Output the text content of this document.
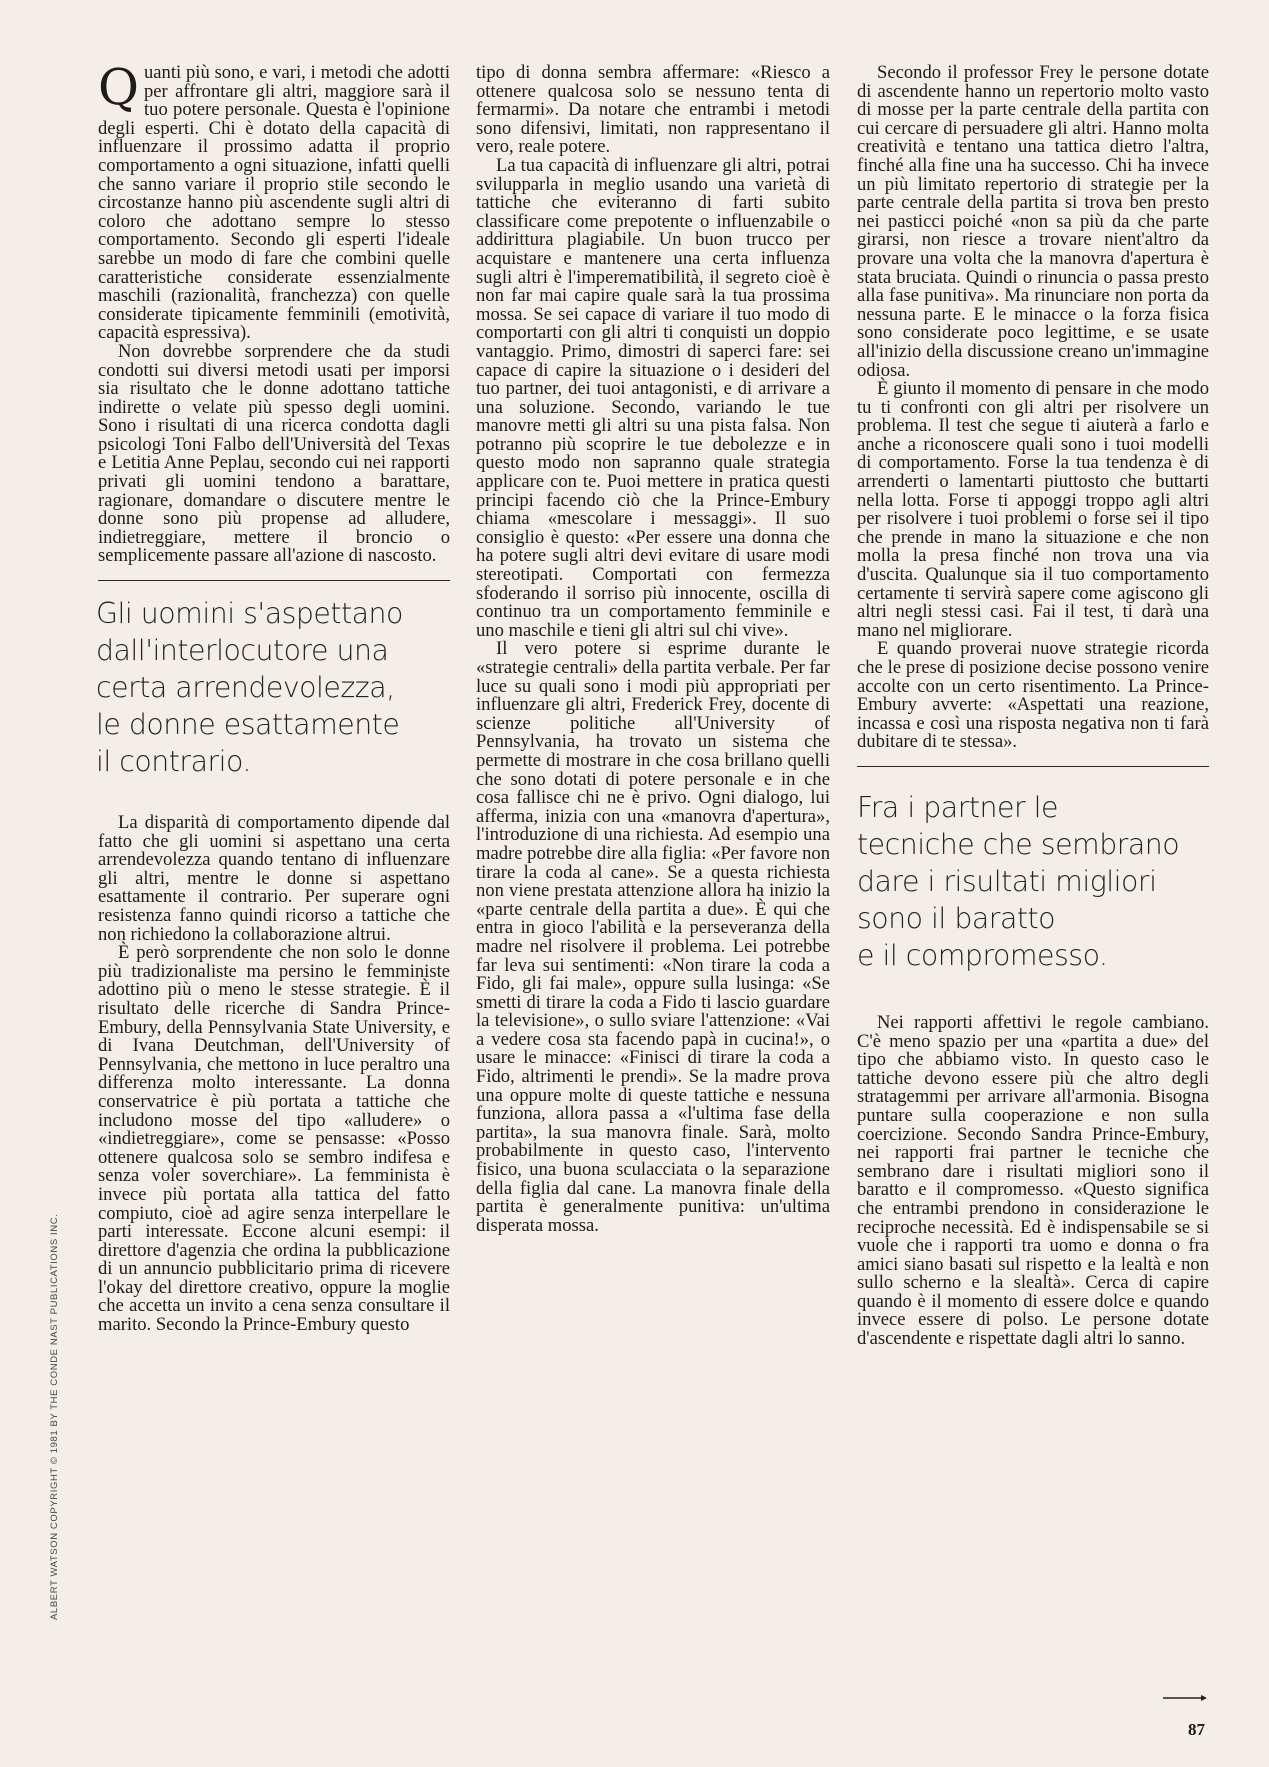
Quanti più sono, e vari, i metodi che adotti per affrontare gli altri, maggiore sarà il tuo potere personale. Questa è l'opinione degli esperti. Chi è dotato della capacità di influenzare il prossimo adatta il proprio comportamento a ogni situazione, infatti quelli che sanno variare il proprio stile secondo le circostanze hanno più ascendente sugli altri di coloro che adottano sempre lo stesso comportamento. Secondo gli esperti l'ideale sarebbe un modo di fare che combini quelle caratteristiche considerate essenzialmente maschili (razionalità, franchezza) con quelle considerate tipicamente femminili (emotività, capacità espressiva).

Non dovrebbe sorprendere che da studi condotti sui diversi metodi usati per imporsi sia risultato che le donne adottano tattiche indirette o velate più spesso degli uomini. Sono i risultati di una ricerca condotta dagli psicologi Toni Falbo dell'Università del Texas e Letitia Anne Peplau, secondo cui nei rapporti privati gli uomini tendono a barattare, ragionare, domandare o discutere mentre le donne sono più propense ad alludere, indietreggiare, mettere il broncio o semplicemente passare all'azione di nascosto.

Gli uomini s'aspettano
dall'interlocutore una
certa arrendevolezza,
le donne esattamente
il contrario.

La disparità di comportamento dipende dal fatto che gli uomini si aspettano una certa arrendevolezza quando tentano di influenzare gli altri, mentre le donne si aspettano esattamente il contrario. Per superare ogni resistenza fanno quindi ricorso a tattiche che non richiedono la collaborazione altrui.

È però sorprendente che non solo le donne più tradizionaliste ma persino le femministe adottino più o meno le stesse strategie. È il risultato delle ricerche di Sandra Prince-Embury, della Pennsylvania State University, e di Ivana Deutchman, dell'University of Pennsylvania, che mettono in luce peraltro una differenza molto interessante. La donna conservatrice è più portata a tattiche che includono mosse del tipo «alludere» o «indietreggiare», come se pensasse: «Posso ottenere qualcosa solo se sembro indifesa e senza voler soverchiare». La femminista è invece più portata alla tattica del fatto compiuto, cioè ad agire senza interpellare le parti interessate. Eccone alcuni esempi: il direttore d'agenzia che ordina la pubblicazione di un annuncio pubblicitario prima di ricevere l'okay del direttore creativo, oppure la moglie che accetta un invito a cena senza consultare il marito. Secondo la Prince-Embury questo

tipo di donna sembra affermare: «Riesco a ottenere qualcosa solo se nessuno tenta di fermarmi». Da notare che entrambi i metodi sono difensivi, limitati, non rappresentano il vero, reale potere.

La tua capacità di influenzare gli altri, potrai svilupparla in meglio usando una varietà di tattiche che eviteranno di farti subito classificare come prepotente o influenzabile o addirittura plagiabile. Un buon trucco per acquistare e mantenere una certa influenza sugli altri è l'imperematibilità, il segreto cioè è non far mai capire quale sarà la tua prossima mossa. Se sei capace di variare il tuo modo di comportarti con gli altri ti conquisti un doppio vantaggio. Primo, dimostri di saperci fare: sei capace di capire la situazione o i desideri del tuo partner, dei tuoi antagonisti, e di arrivare a una soluzione. Secondo, variando le tue manovre metti gli altri su una pista falsa. Non potranno più scoprire le tue debolezze e in questo modo non sapranno quale strategia applicare con te. Puoi mettere in pratica questi principi facendo ciò che la Prince-Embury chiama «mescolare i messaggi». Il suo consiglio è questo: «Per essere una donna che ha potere sugli altri devi evitare di usare modi stereotipati. Comportati con fermezza sfoderando il sorriso più innocente, oscilla di continuo tra un comportamento femminile e uno maschile e tieni gli altri sul chi vive».

Il vero potere si esprime durante le «strategie centrali» della partita verbale. Per far luce su quali sono i modi più appropriati per influenzare gli altri, Frederick Frey, docente di scienze politiche all'University of Pennsylvania, ha trovato un sistema che permette di mostrare in che cosa brillano quelli che sono dotati di potere personale e in che cosa fallisce chi ne è privo. Ogni dialogo, lui afferma, inizia con una «manovra d'apertura», l'introduzione di una richiesta. Ad esempio una madre potrebbe dire alla figlia: «Per favore non tirare la coda al cane». Se a questa richiesta non viene prestata attenzione allora ha inizio la «parte centrale della partita a due». È qui che entra in gioco l'abilità e la perseveranza della madre nel risolvere il problema. Lei potrebbe far leva sui sentimenti: «Non tirare la coda a Fido, gli fai male», oppure sulla lusinga: «Se smetti di tirare la coda a Fido ti lascio guardare la televisione», o sullo sviare l'attenzione: «Vai a vedere cosa sta facendo papà in cucina!», o usare le minacce: «Finisci di tirare la coda a Fido, altrimenti le prendi». Se la madre prova una oppure molte di queste tattiche e nessuna funziona, allora passa a «l'ultima fase della partita», la sua manovra finale. Sarà, molto probabilmente in questo caso, l'intervento fisico, una buona sculacciata o la separazione della figlia dal cane. La manovra finale della partita è generalmente punitiva: un'ultima disperata mossa.

Secondo il professor Frey le persone dotate di ascendente hanno un repertorio molto vasto di mosse per la parte centrale della partita con cui cercare di persuadere gli altri. Hanno molta creatività e tentano una tattica dietro l'altra, finché alla fine una ha successo. Chi ha invece un più limitato repertorio di strategie per la parte centrale della partita si trova ben presto nei pasticci poiché «non sa più da che parte girarsi, non riesce a trovare nient'altro da provare una volta che la manovra d'apertura è stata bruciata. Quindi o rinuncia o passa presto alla fase punitiva». Ma rinunciare non porta da nessuna parte. E le minacce o la forza fisica sono considerate poco legittime, e se usate all'inizio della discussione creano un'immagine odiosa.

È giunto il momento di pensare in che modo tu ti confronti con gli altri per risolvere un problema. Il test che segue ti aiuterà a farlo e anche a riconoscere quali sono i tuoi modelli di comportamento. Forse la tua tendenza è di arrenderti o lamentarti piuttosto che buttarti nella lotta. Forse ti appoggi troppo agli altri per risolvere i tuoi problemi o forse sei il tipo che prende in mano la situazione e che non molla la presa finché non trova una via d'uscita. Qualunque sia il tuo comportamento certamente ti servirà sapere come agiscono gli altri negli stessi casi. Fai il test, ti darà una mano nel migliorare.

E quando proverai nuove strategie ricorda che le prese di posizione decise possono venire accolte con un certo risentimento. La Prince-Embury avverte: «Aspettati una reazione, incassa e così una risposta negativa non ti farà dubitare di te stessa».

Fra i partner le
tecniche che sembrano
dare i risultati migliori
sono il baratto
e il compromesso.

Nei rapporti affettivi le regole cambiano. C'è meno spazio per una «partita a due» del tipo che abbiamo visto. In questo caso le tattiche devono essere più che altro degli stratagemmi per arrivare all'armonia. Bisogna puntare sulla cooperazione e non sulla coercizione. Secondo Sandra Prince-Embury, nei rapporti frai partner le tecniche che sembrano dare i risultati migliori sono il baratto e il compromesso. «Questo significa che entrambi prendono in considerazione le reciproche necessità. Ed è indispensabile se si vuole che i rapporti tra uomo e donna o fra amici siano basati sul rispetto e la lealtà e non sullo scherno e la slealtà». Cerca di capire quando è il momento di essere dolce e quando invece essere di polso. Le persone dotate d'ascendente e rispettate dagli altri lo sanno.

ALBERT WATSON COPYRIGHT © 1981 BY THE CONDE NAST PUBLICATIONS INC.
87
